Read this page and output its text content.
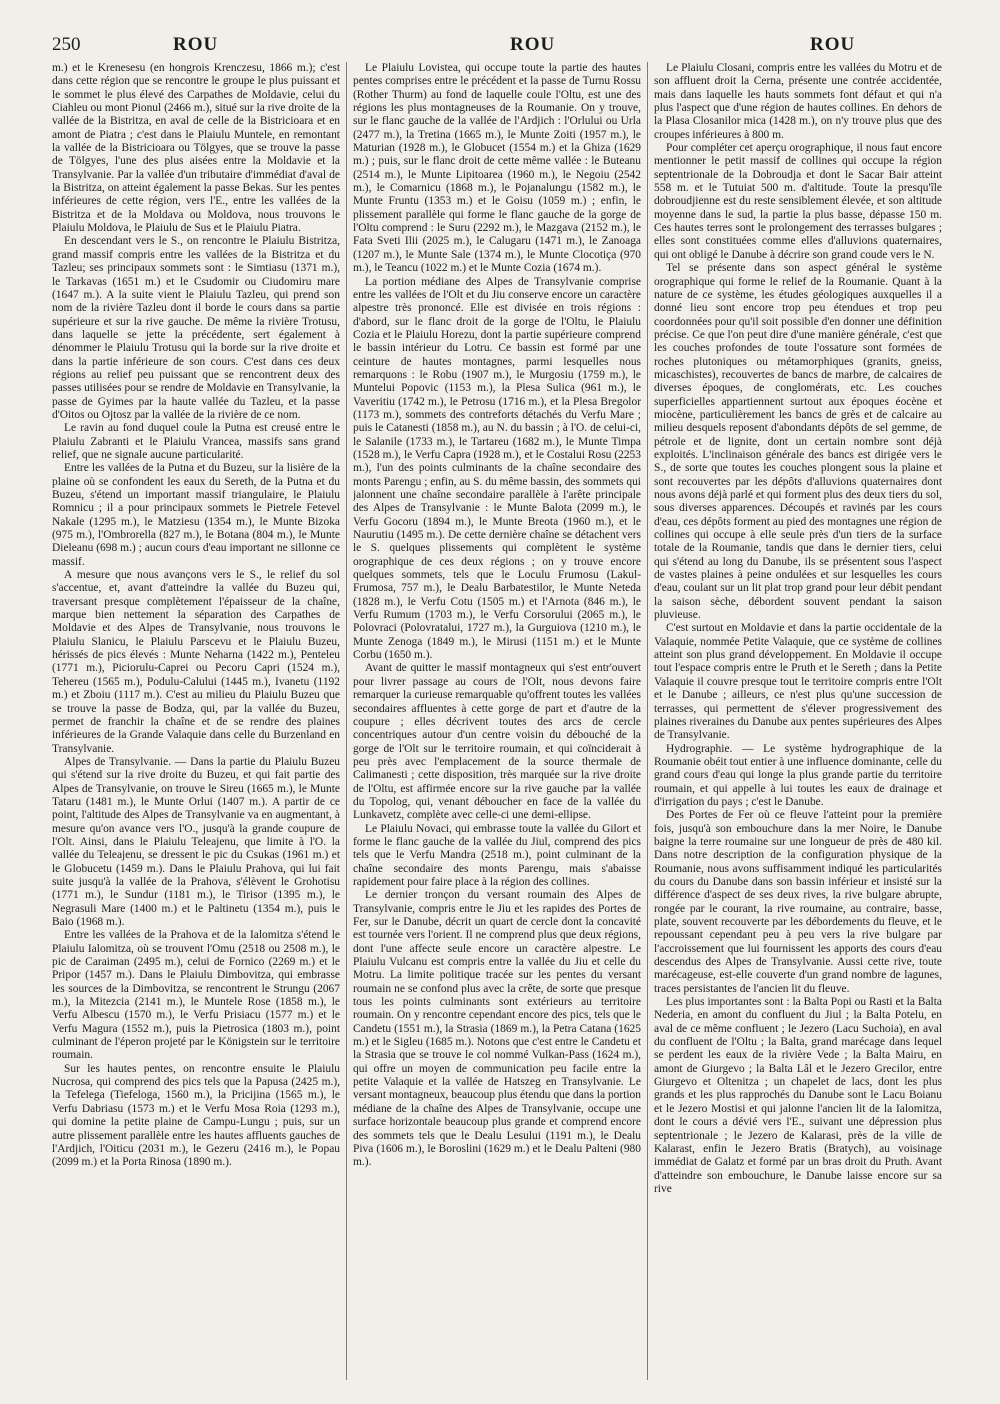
250	ROU	ROU	ROU

m.) et le Krenesesu (en hongrois Krenczesu, 1866 m.); c'est dans cette région que se rencontre le groupe le plus puissant et le sommet le plus élevé des Carpathes de Moldavie, celui du Ciahleu ou mont Pionul (2466 m.), situé sur la rive droite de la vallée de la Bistritza, en aval de celle de la Bistricioara et en amont de Piatra ; c'est dans le Plaiulu Muntele, en remontant la vallée de la Bistricioara ou Tölgyes, que se trouve la passe de Tölgyes, l'une des plus aisées entre la Moldavie et la Transylvanie. Par la vallée d'un tributaire d'immédiat d'aval de la Bistritza, on atteint également la passe Bekas. Sur les pentes inférieures de cette région, vers l'E., entre les vallées de la Bistritza et de la Moldava ou Moldova, nous trouvons le Plaiulu Moldova, le Plaiulu de Sus et le Plaiulu Piatra.

En descendant vers le S., on rencontre le Plaiulu Bistritza, grand massif compris entre les vallées de la Bistritza et du Tazleu; ses principaux sommets sont : le Simtiasu (1371 m.), le Tarkavas (1651 m.) et le Csudomir ou Ciudomiru mare (1647 m.). A la suite vient le Plaiulu Tazleu, qui prend son nom de la rivière Tazleu dont il borde le cours dans sa partie supérieure et sur la rive gauche. De même la rivière Trotusu, dans laquelle se jette la précédente, sert également à dénommer le Plaiulu Trotusu qui la borde sur la rive droite et dans la partie inférieure de son cours. C'est dans ces deux régions au relief peu puissant que se rencontrent deux des passes utilisées pour se rendre de Moldavie en Transylvanie, la passe de Gyimes par la haute vallée du Tazleu, et la passe d'Oitos ou Ojtosz par la vallée de la rivière de ce nom.

Le ravin au fond duquel coule la Putna est creusé entre le Plaiulu Zabranti et le Plaiulu Vrancea, massifs sans grand relief, que ne signale aucune particularité.

Entre les vallées de la Putna et du Buzeu, sur la lisière de la plaine où se confondent les eaux du Sereth, de la Putna et du Buzeu, s'étend un important massif triangulaire, le Plaiulu Romnicu ; il a pour principaux sommets le Pietrele Fetevel Nakale (1295 m.), le Matziesu (1354 m.), le Munte Bizoka (975 m.), l'Ombrorella (827 m.), le Botana (804 m.), le Munte Dieleanu (698 m.) ; aucun cours d'eau important ne sillonne ce massif.

A mesure que nous avançons vers le S., le relief du sol s'accentue, et, avant d'atteindre la vallée du Buzeu qui, traversant presque complètement l'épaisseur de la chaîne, marque bien nettement la séparation des Carpathes de Moldavie et des Alpes de Transylvanie, nous trouvons le Plaiulu Slanicu, le Plaiulu Parscevu et le Plaiulu Buzeu, hérissés de pics élevés : Munte Neharna (1422 m.), Penteleu (1771 m.), Piciorulu-Caprei ou Pecoru Capri (1524 m.), Tehereu (1565 m.), Podulu-Calului (1445 m.), Ivanetu (1192 m.) et Zboiu (1117 m.). C'est au milieu du Plaiulu Buzeu que se trouve la passe de Bodza, qui, par la vallée du Buzeu, permet de franchir la chaîne et de se rendre des plaines inférieures de la Grande Valaquie dans celle du Burzenland en Transylvanie.

Alpes de Transylvanie. — Dans la partie du Plaiulu Buzeu qui s'étend sur la rive droite du Buzeu, et qui fait partie des Alpes de Transylvanie, on trouve le Sireu (1665 m.), le Munte Tataru (1481 m.), le Munte Orlui (1407 m.). A partir de ce point, l'altitude des Alpes de Transylvanie va en augmentant, à mesure qu'on avance vers l'O., jusqu'à la grande coupure de l'Olt. Ainsi, dans le Plaiulu Teleajenu, que limite à l'O. la vallée du Teleajenu, se dressent le pic du Csukas (1961 m.) et le Globucetu (1459 m.). Dans le Plaiulu Prahova, qui lui fait suite jusqu'à la vallée de la Prahova, s'élèvent le Grohotisu (1771 m.), le Sundur (1181 m.), le Tirisor (1395 m.), le Negrasuli Mare (1400 m.) et le Paltinetu (1354 m.), puis le Baio (1968 m.).

Entre les vallées de la Prahova et de la Ialomitza s'étend le Plaiulu Ialomitza, où se trouvent l'Omu (2518 ou 2508 m.), le pic de Caraiman (2495 m.), celui de Fornico (2269 m.) et le Pripor (1457 m.). Dans le Plaiulu Dimbovitza, qui embrasse les sources de la Dimbovitza, se rencontrent le Strungu (2067 m.), la Mitezcia (2141 m.), le Muntele Rose (1858 m.), le Verfu Albescu (1570 m.), le Verfu Prisiacu (1577 m.) et le Verfu Magura (1552 m.), puis la Pietrosica (1803 m.), point culminant de l'éperon projeté par le Königstein sur le territoire roumain.

Sur les hautes pentes, on rencontre ensuite le Plaiulu Nucrosa, qui comprend des pics tels que la Papusa (2425 m.), la Tefelega (Tiefeloga, 1560 m.), la Pricijina (1565 m.), le Verfu Dabriasu (1573 m.) et le Verfu Mosa Roia (1293 m.), qui domine la petite plaine de Campu-Lungu ; puis, sur un autre plissement parallèle entre les hautes affluents gauches de l'Ardjich, l'Oiticu (2031 m.), le Gezeru (2416 m.), le Popau (2099 m.) et la Porta Rinosa (1890 m.).

Le Plaiulu Lovistea, qui occupe toute la partie des hautes pentes comprises entre le précédent et la passe de Turnu Rossu (Rother Thurm) au fond de laquelle coule l'Oltu, est une des régions les plus montagneuses de la Roumanie. On y trouve, sur le flanc gauche de la vallée de l'Ardjich : l'Orlului ou Urla (2477 m.), la Tretina (1665 m.), le Munte Zoiti (1957 m.), le Maturian (1928 m.), le Globucet (1554 m.) et la Ghiza (1629 m.) ; puis, sur le flanc droit de cette même vallée : le Buteanu (2514 m.), le Munte Lipitoarea (1960 m.), le Negoiu (2542 m.), le Comarnicu (1868 m.), le Pojanalungu (1582 m.), le Munte Fruntu (1353 m.) et le Goisu (1059 m.) ; enfin, le plissement parallèle qui forme le flanc gauche de la gorge de l'Oltu comprend : le Suru (2292 m.), le Mazgava (2152 m.), le Fata Sveti Ilii (2025 m.), le Calugaru (1471 m.), le Zanoaga (1207 m.), le Munte Sale (1374 m.), le Munte Clocotiça (970 m.), le Teancu (1022 m.) et le Munte Cozia (1674 m.).

La portion médiane des Alpes de Transylvanie comprise entre les vallées de l'Olt et du Jiu conserve encore un caractère alpestre très prononcé. Elle est divisée en trois régions : d'abord, sur le flanc droit de la gorge de l'Oltu, le Plaiulu Cozia et le Plaiulu Horezu, dont la partie supérieure comprend le bassin intérieur du Lotru. Ce bassin est formé par une ceinture de hautes montagnes, parmi lesquelles nous remarquons : le Robu (1907 m.), le Murgosiu (1759 m.), le Muntelui Popovic (1153 m.), la Plesa Sulica (961 m.), le Vaveritiu (1742 m.), le Petrosu (1716 m.), et la Plesa Bregolor (1173 m.), sommets des contreforts détachés du Verfu Mare ; puis le Catanesti (1858 m.), au N. du bassin ; à l'O. de celui-ci, le Salanile (1733 m.), le Tartareu (1682 m.), le Munte Timpa (1528 m.), le Verfu Capra (1928 m.), et le Costalui Rosu (2253 m.), l'un des points culminants de la chaîne secondaire des monts Parengu ; enfin, au S. du même bassin, des sommets qui jalonnent une chaîne secondaire parallèle à l'arête principale des Alpes de Transylvanie : le Munte Balota (2099 m.), le Verfu Gocoru (1894 m.), le Munte Breota (1960 m.), et le Naurutiu (1495 m.). De cette dernière chaîne se détachent vers le S. quelques plissements qui complètent le système orographique de ces deux régions ; on y trouve encore quelques sommets, tels que le Loculu Frumosu (Lakul-Frumosa, 757 m.), le Dealu Barbatestilor, le Munte Neteda (1828 m.), le Verfu Cotu (1505 m.) et l'Arnota (846 m.), le Verfu Rumum (1703 m.), le Verfu Corsorului (2065 m.), le Polovraci (Polovratalui, 1727 m.), la Gurguiova (1210 m.), le Munte Zenoga (1849 m.), le Mirusi (1151 m.) et le Munte Corbu (1650 m.).

Avant de quitter le massif montagneux qui s'est entr'ouvert pour livrer passage au cours de l'Olt, nous devons faire remarquer la curieuse remarquable qu'offrent toutes les vallées secondaires affluentes à cette gorge de part et d'autre de la coupure ; elles décrivent toutes des arcs de cercle concentriques autour d'un centre voisin du débouché de la gorge de l'Olt sur le territoire roumain, et qui coïnciderait à peu près avec l'emplacement de la source thermale de Calimanesti ; cette disposition, très marquée sur la rive droite de l'Oltu, est affirmée encore sur la rive gauche par la vallée du Topolog, qui, venant déboucher en face de la vallée du Lunkavetz, complète avec celle-ci une demi-ellipse.

Le Plaiulu Novaci, qui embrasse toute la vallée du Gilort et forme le flanc gauche de la vallée du Jiul, comprend des pics tels que le Verfu Mandra (2518 m.), point culminant de la chaîne secondaire des monts Parengu, mais s'abaisse rapidement pour faire place à la région des collines.

Le dernier tronçon du versant roumain des Alpes de Transylvanie, compris entre le Jiu et les rapides des Portes de Fer, sur le Danube, décrit un quart de cercle dont la concavité est tournée vers l'orient. Il ne comprend plus que deux régions, dont l'une affecte seule encore un caractère alpestre. Le Plaiulu Vulcanu est compris entre la vallée du Jiu et celle du Motru. La limite politique tracée sur les pentes du versant roumain ne se confond plus avec la crête, de sorte que presque tous les points culminants sont extérieurs au territoire roumain. On y rencontre cependant encore des pics, tels que le Candetu (1551 m.), la Strasia (1869 m.), la Petra Catana (1625 m.) et le Sigleu (1685 m.). Notons que c'est entre le Candetu et la Strasia que se trouve le col nommé Vulkan-Pass (1624 m.), qui offre un moyen de communication peu facile entre la petite Valaquie et la vallée de Hatszeg en Transylvanie. Le versant montagneux, beaucoup plus étendu que dans la portion médiane de la chaîne des Alpes de Transylvanie, occupe une surface horizontale beaucoup plus grande et comprend encore des sommets tels que le Dealu Lesului (1191 m.), le Dealu Piva (1606 m.), le Boroslini (1629 m.) et le Dealu Palteni (980 m.).

Le Plaiulu Closani, compris entre les vallées du Motru et de son affluent droit la Cerna, présente une contrée accidentée, mais dans laquelle les hauts sommets font défaut et qui n'a plus l'aspect que d'une région de hautes collines. En dehors de la Plasa Closanilor mica (1428 m.), on n'y trouve plus que des croupes inférieures à 800 m.

Pour compléter cet aperçu orographique, il nous faut encore mentionner le petit massif de collines qui occupe la région septentrionale de la Dobroudja et dont le Sacar Bair atteint 558 m. et le Tutuiat 500 m. d'altitude. Toute la presqu'île dobroudjienne est du reste sensiblement élevée, et son altitude moyenne dans le sud, la partie la plus basse, dépasse 150 m. Ces hautes terres sont le prolongement des terrasses bulgares ; elles sont constituées comme elles d'alluvions quaternaires, qui ont obligé le Danube à décrire son grand coude vers le N.

Tel se présente dans son aspect général le système orographique qui forme le relief de la Roumanie. Quant à la nature de ce système, les études géologiques auxquelles il a donné lieu sont encore trop peu étendues et trop peu coordonnées pour qu'il soit possible d'en donner une définition précise. Ce que l'on peut dire d'une manière générale, c'est que les couches profondes de toute l'ossature sont formées de roches plutoniques ou métamorphiques (granits, gneiss, micaschistes), recouvertes de bancs de marbre, de calcaires de diverses époques, de conglomérats, etc. Les couches superficielles appartiennent surtout aux époques éocène et miocène, particulièrement les bancs de grès et de calcaire au milieu desquels reposent d'abondants dépôts de sel gemme, de pétrole et de lignite, dont un certain nombre sont déjà exploités. L'inclinaison générale des bancs est dirigée vers le S., de sorte que toutes les couches plongent sous la plaine et sont recouvertes par les dépôts d'alluvions quaternaires dont nous avons déjà parlé et qui forment plus des deux tiers du sol, sous diverses apparences. Découpés et ravinés par les cours d'eau, ces dépôts forment au pied des montagnes une région de collines qui occupe à elle seule près d'un tiers de la surface totale de la Roumanie, tandis que dans le dernier tiers, celui qui s'étend au long du Danube, ils se présentent sous l'aspect de vastes plaines à peine ondulées et sur lesquelles les cours d'eau, coulant sur un lit plat trop grand pour leur débit pendant la saison sèche, débordent souvent pendant la saison pluvieuse.

C'est surtout en Moldavie et dans la partie occidentale de la Valaquie, nommée Petite Valaquie, que ce système de collines atteint son plus grand développement. En Moldavie il occupe tout l'espace compris entre le Pruth et le Sereth ; dans la Petite Valaquie il couvre presque tout le territoire compris entre l'Olt et le Danube ; ailleurs, ce n'est plus qu'une succession de terrasses, qui permettent de s'élever progressivement des plaines riveraines du Danube aux pentes supérieures des Alpes de Transylvanie.

Hydrographie. — Le système hydrographique de la Roumanie obéit tout entier à une influence dominante, celle du grand cours d'eau qui longe la plus grande partie du territoire roumain, et qui appelle à lui toutes les eaux de drainage et d'irrigation du pays ; c'est le Danube.

Des Portes de Fer où ce fleuve l'atteint pour la première fois, jusqu'à son embouchure dans la mer Noire, le Danube baigne la terre roumaine sur une longueur de près de 480 kil. Dans notre description de la configuration physique de la Roumanie, nous avons suffisamment indiqué les particularités du cours du Danube dans son bassin inférieur et insisté sur la différence d'aspect de ses deux rives, la rive bulgare abrupte, rongée par le courant, la rive roumaine, au contraire, basse, plate, souvent recouverte par les débordements du fleuve, et le repoussant cependant peu à peu vers la rive bulgare par l'accroissement que lui fournissent les apports des cours d'eau descendus des Alpes de Transylvanie. Aussi cette rive, toute marécageuse, est-elle couverte d'un grand nombre de lagunes, traces persistantes de l'ancien lit du fleuve.

Les plus importantes sont : la Balta Popi ou Rasti et la Balta Nederia, en amont du confluent du Jiul ; la Balta Potelu, en aval de ce même confluent ; le Jezero (Lacu Suchoia), en aval du confluent de l'Oltu ; la Balta, grand marécage dans lequel se perdent les eaux de la rivière Vede ; la Balta Mairu, en amont de Giurgevo ; la Balta Lâl et le Jezero Grecilor, entre Giurgevo et Oltenitza ; un chapelet de lacs, dont les plus grands et les plus rapprochés du Danube sont le Lacu Boianu et le Jezero Mostisi et qui jalonne l'ancien lit de la Ialomitza, dont le cours a dévié vers l'E., suivant une dépression plus septentrionale ; le Jezero de Kalarasi, près de la ville de Kalarast, enfin le Jezero Bratis (Bratych), au voisinage immédiat de Galatz et formé par un bras droit du Pruth. Avant d'atteindre son embouchure, le Danube laisse encore sur sa rive
